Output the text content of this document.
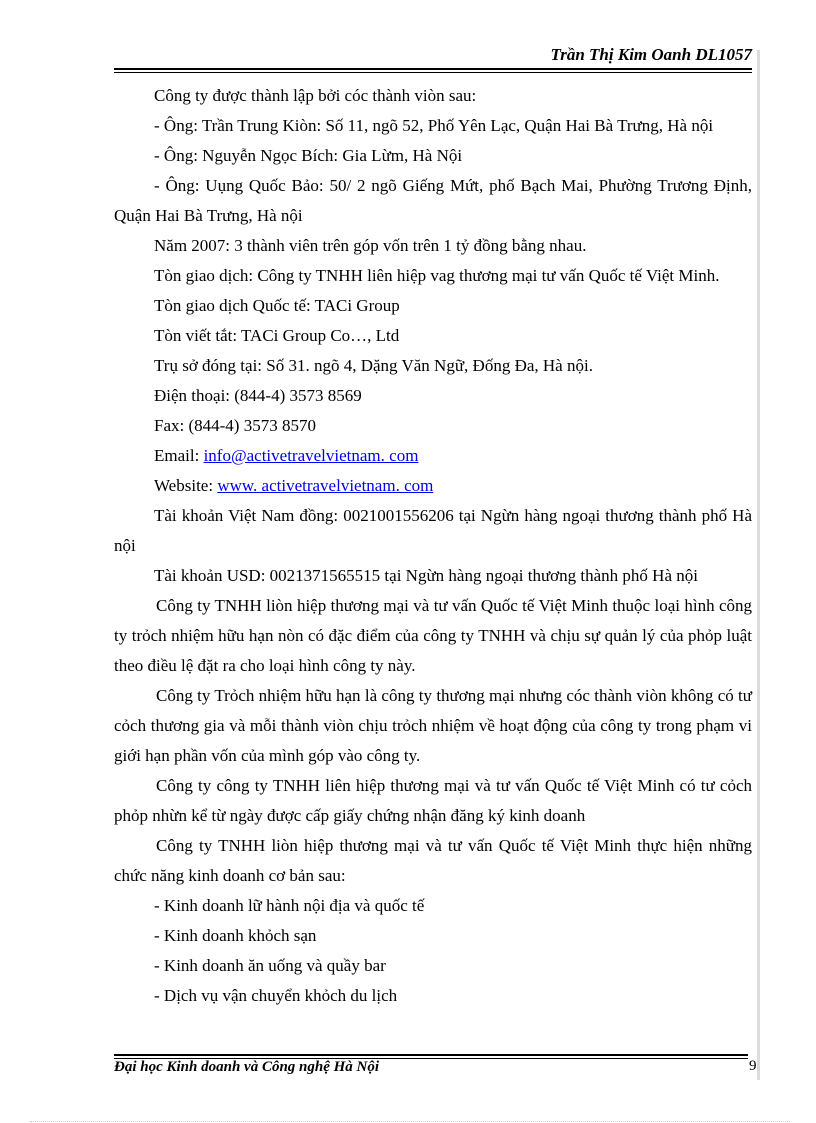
Trần Thị Kim Oanh DL1057

Công ty được thành lập bởi cóc thành viòn sau:

- Ông: Trần Trung Kiòn: Số 11, ngõ 52, Phố Yên Lạc, Quận Hai Bà Trưng, Hà nội

- Ông: Nguyễn Ngọc Bích: Gia Lừm, Hà Nội

- Ông: Uụng Quốc Bảo: 50/ 2 ngõ Giếng Mứt, phố Bạch Mai, Phường Trương Định, Quận Hai Bà Trưng, Hà nội

Năm 2007: 3 thành viên trên góp vốn trên 1 tỷ đồng bằng nhau.

Tòn giao dịch: Công ty TNHH liên hiệp vag thương mại tư vấn Quốc tế Việt Minh.

Tòn giao dịch Quốc tế: TACi Group

Tòn viết tắt: TACi Group Co…, Ltd

Trụ sở đóng tại: Số 31. ngõ 4, Dặng Văn Ngữ, Đống Đa, Hà nội.

Điện thoại: (844-4) 3573 8569

Fax: (844-4) 3573 8570

Email: info@activetravelvietnam. com

Website: www. activetravelvietnam. com

Tài khoản Việt Nam đồng: 0021001556206 tại Ngừn hàng ngoại thương thành phố Hà nội

Tài khoản USD: 0021371565515 tại Ngừn hàng ngoại thương thành phố Hà nội

Công ty TNHH liòn hiệp thương mại và tư vấn Quốc tế Việt Minh thuộc loại hình công ty trỏch nhiệm hữu hạn nòn có đặc điểm của công ty TNHH và chịu sự quản lý của phỏp luật theo điều lệ đặt ra cho loại hình công ty này.

Công ty Trỏch nhiệm hữu hạn là công ty thương mại nhưng cóc thành viòn không có tư cỏch thương gia và mỗi thành viòn chịu trỏch nhiệm về hoạt động của công ty trong phạm vi giới hạn phần vốn của mình góp vào công ty.

Công ty công ty TNHH liên hiệp thương mại và tư vấn Quốc tế Việt Minh có tư cỏch phỏp nhừn kể từ ngày được cấp giấy chứng nhận đăng ký kinh doanh

Công ty TNHH liòn hiệp thương mại và tư vấn Quốc tế Việt Minh thực hiện những chức năng kinh doanh cơ bản sau:

- Kinh doanh lữ hành nội địa và quốc tế

- Kinh doanh khỏch sạn

- Kinh doanh ăn uống và quầy bar

- Dịch vụ vận chuyển khỏch du lịch

Đại học Kinh doanh và Công nghệ Hà Nội	9
